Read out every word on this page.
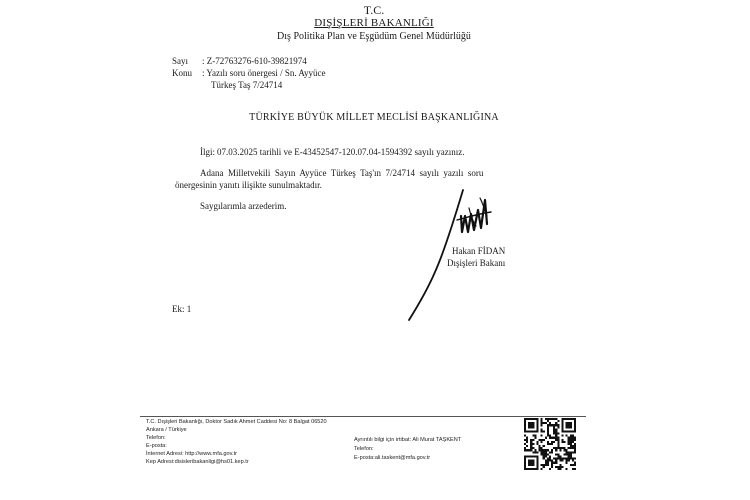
T.C.
DIŞİŞLERİ BAKANLIĞI
Dış Politika Plan ve Eşgüdüm Genel Müdürlüğü
Sayı : Z-72763276-610-39821974
Konu : Yazılı soru önergesi / Sn. Ayyüce
Türkeş Taş 7/24714
TÜRKİYE BÜYÜK MİLLET MECLİSİ BAŞKANLIĞINA
İlgi: 07.03.2025 tarihli ve E-43452547-120.07.04-1594392 sayılı yazınız.
Adana Milletvekili Sayın Ayyüce Türkeş Taş'ın 7/24714 sayılı yazılı soru
önergesinin yanıtı ilişikte sunulmaktadır.
Saygılarımla arzederim.
Hakan FİDAN
Dışişleri Bakanı
Ek: 1
T.C. Dışişleri Bakanlığı, Doktor Sadık Ahmet Caddesi No: 8 Balgat 06520
Ankara / Türkiye
Telefon:
E-posta:
İnternet Adresi: http://www.mfa.gov.tr
Kep Adresi:disisleribakanligi@hs01.kep.tr
Ayrıntılı bilgi için irtibat: Ali Murat TAŞKENT
Telefon:
E-posta:ali.taskent@mfa.gov.tr
